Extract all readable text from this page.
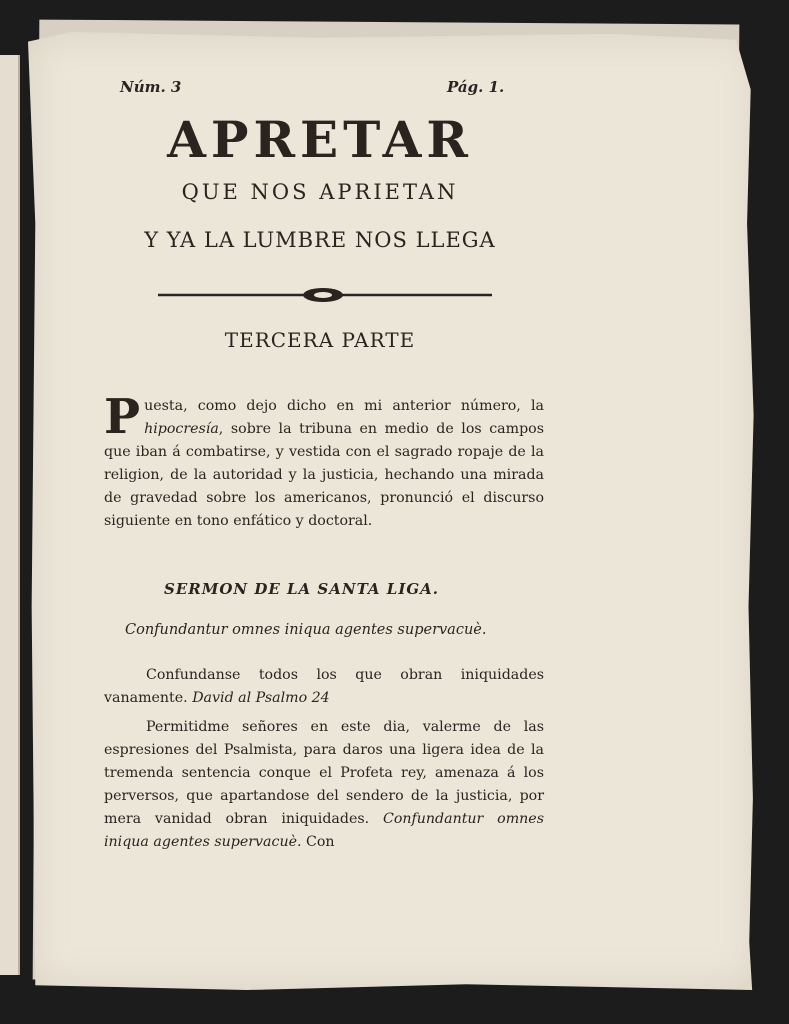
Núm. 3	Pág. 1.
APRETAR
QUE NOS APRIETAN
Y YA LA LUMBRE NOS LLEGA
TERCERA PARTE
Puesta, como dejo dicho en mi anterior número, la hipocresía, sobre la tribuna en medio de los campos que iban á combatirse, y vestida con el sagrado ropaje de la religion, de la autoridad y la justicia, hechando una mirada de gravedad sobre los americanos, pronunció el discurso siguiente en tono enfático y doctoral.
SERMON DE LA SANTA LIGA.
Confundantur omnes iniqua agentes supervacuè.
Confundanse todos los que obran iniquidades vanamente. David al Psalmo 24
Permitidme señores en este dia, valerme de las espresiones del Psalmista, para daros una ligera idea de la tremenda sentencia conque el Profeta rey, amenaza á los perversos, que apartandose del sendero de la justicia, por mera vanidad obran iniquidades. Confundantur omnes iniqua agentes supervacuè. Con
